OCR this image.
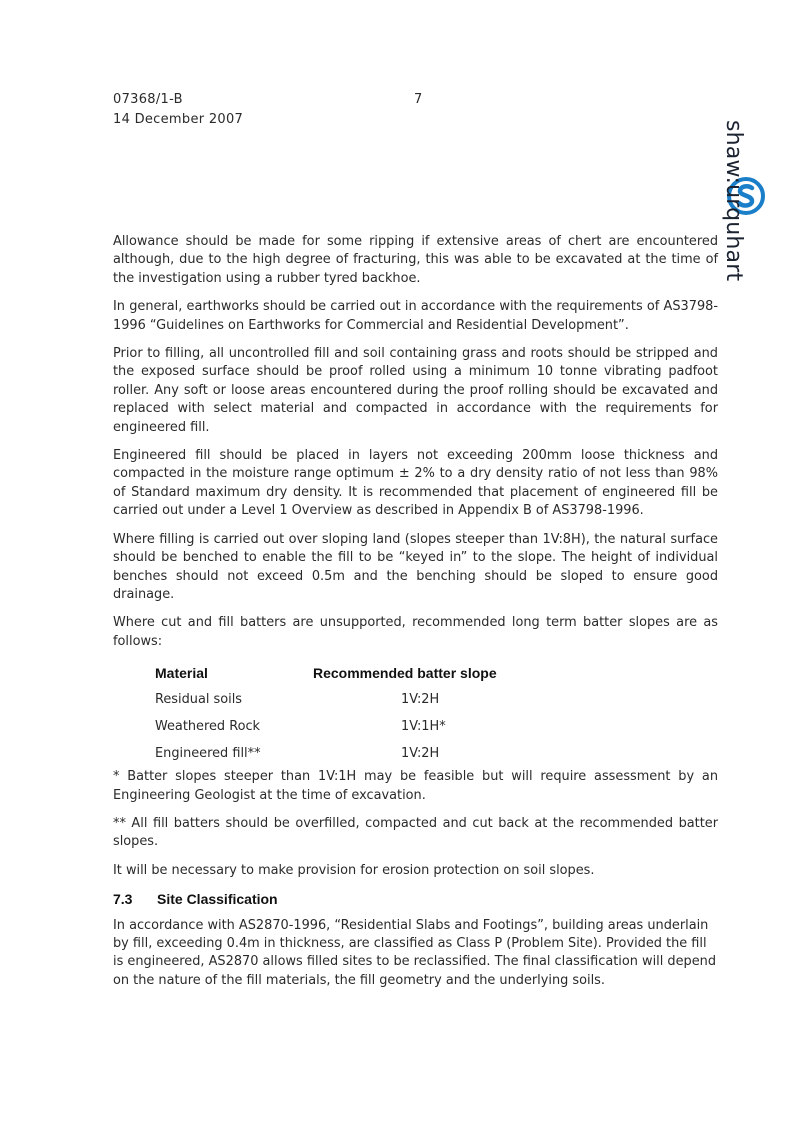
07368/1-B
14 December 2007
7
shaw:urquhart

Allowance should be made for some ripping if extensive areas of chert are encountered although, due to the high degree of fracturing, this was able to be excavated at the time of the investigation using a rubber tyred backhoe.

In general, earthworks should be carried out in accordance with the requirements of AS3798-1996 “Guidelines on Earthworks for Commercial and Residential Development”.

Prior to filling, all uncontrolled fill and soil containing grass and roots should be stripped and the exposed surface should be proof rolled using a minimum 10 tonne vibrating padfoot roller. Any soft or loose areas encountered during the proof rolling should be excavated and replaced with select material and compacted in accordance with the requirements for engineered fill.

Engineered fill should be placed in layers not exceeding 200mm loose thickness and compacted in the moisture range optimum ± 2% to a dry density ratio of not less than 98% of Standard maximum dry density. It is recommended that placement of engineered fill be carried out under a Level 1 Overview as described in Appendix B of AS3798-1996.

Where filling is carried out over sloping land (slopes steeper than 1V:8H), the natural surface should be benched to enable the fill to be “keyed in” to the slope. The height of individual benches should not exceed 0.5m and the benching should be sloped to ensure good drainage.

Where cut and fill batters are unsupported, recommended long term batter slopes are as follows:

Material	Recommended batter slope
Residual soils	1V:2H
Weathered Rock	1V:1H*
Engineered fill**	1V:2H

* Batter slopes steeper than 1V:1H may be feasible but will require assessment by an Engineering Geologist at the time of excavation.

** All fill batters should be overfilled, compacted and cut back at the recommended batter slopes.

It will be necessary to make provision for erosion protection on soil slopes.

7.3	Site Classification

In accordance with AS2870-1996, “Residential Slabs and Footings”, building areas underlain by fill, exceeding 0.4m in thickness, are classified as Class P (Problem Site). Provided the fill is engineered, AS2870 allows filled sites to be reclassified. The final classification will depend on the nature of the fill materials, the fill geometry and the underlying soils.
